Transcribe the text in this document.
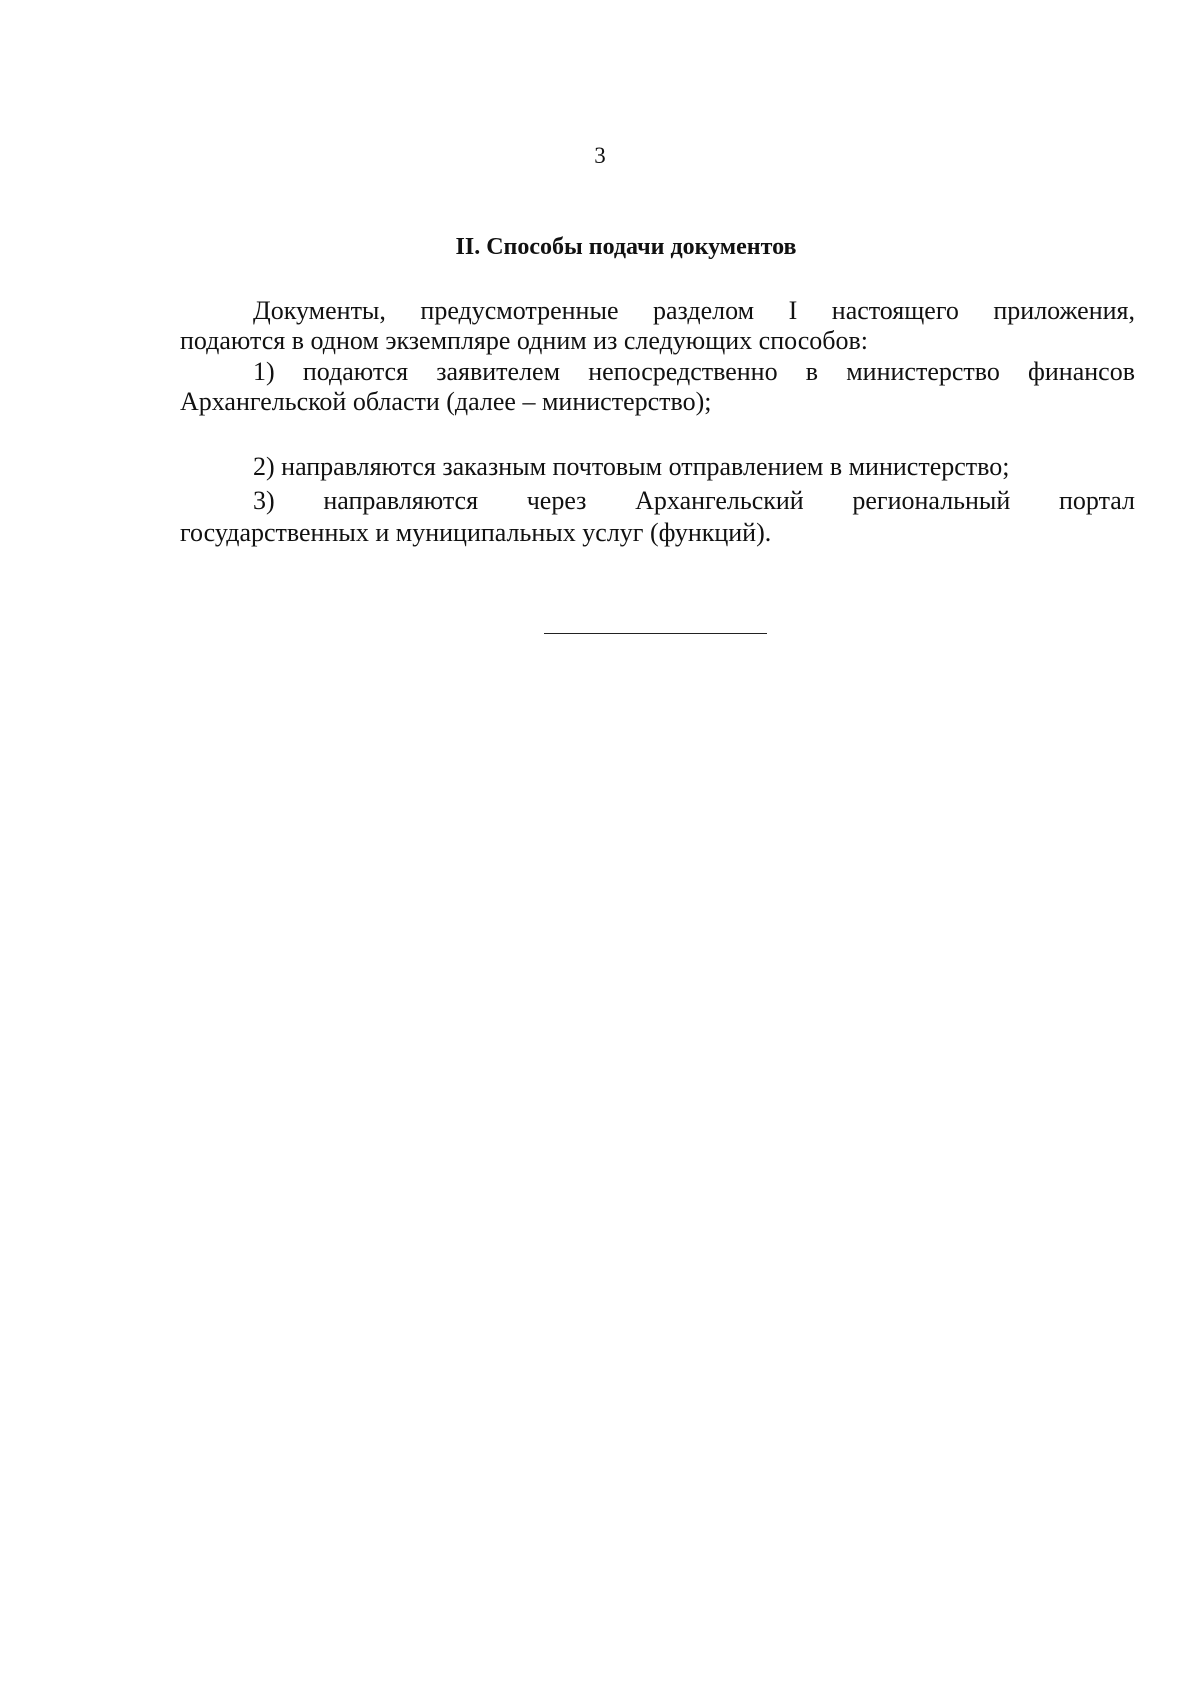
3
II. Способы подачи документов
Документы, предусмотренные разделом I настоящего приложения,
подаются в одном экземпляре одним из следующих способов:
1) подаются заявителем непосредственно в министерство финансов
Архангельской области (далее – министерство);
2) направляются заказным почтовым отправлением в министерство;
3) направляются через Архангельский региональный портал
государственных и муниципальных услуг (функций).
